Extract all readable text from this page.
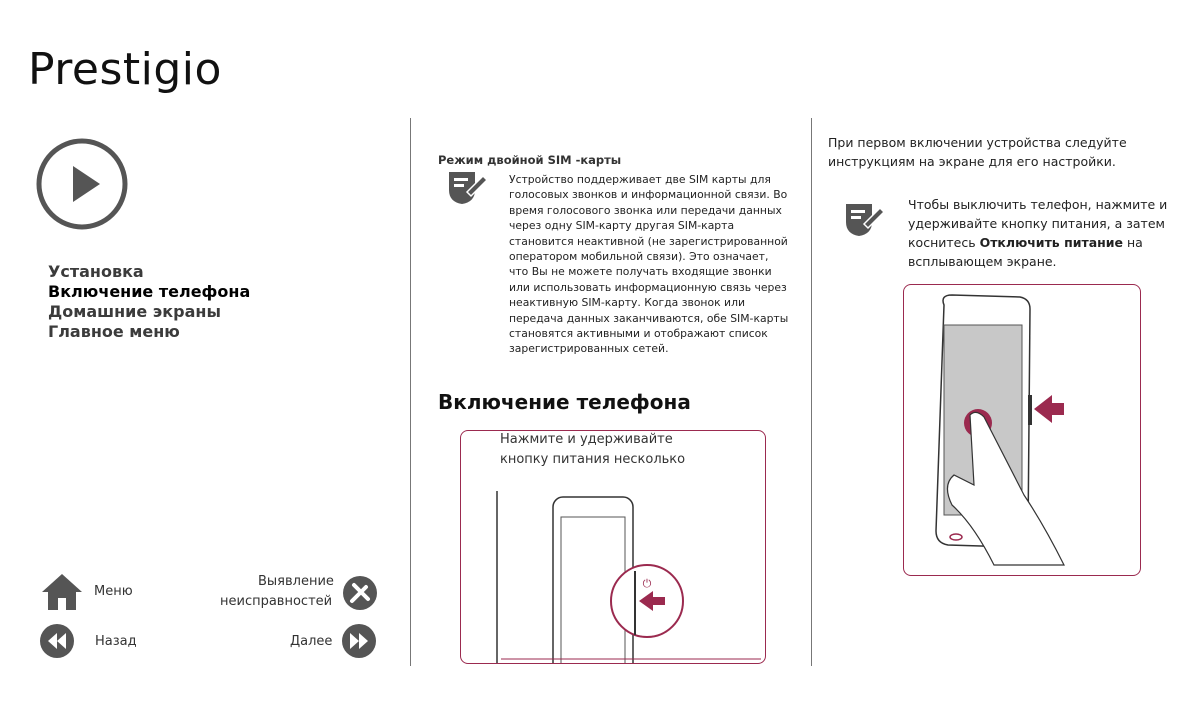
Prestigio
Установка
Включение телефона
Домашние экраны
Главное меню
Меню
Выявление
неисправностей
Назад	Далее
Режим двойной SIM -карты
Устройство поддерживает две SIM карты для голосовых звонков и информационной связи. Во время голосового звонка или передачи данных через одну SIM-карту другая SIM-карта становится неактивной (не зарегистрированной оператором мобильной связи). Это означает, что Вы не можете получать входящие звонки или использовать информационную связь через неактивную SIM-карту. Когда звонок или передача данных заканчиваются, обе SIM-карты становятся активными и отображают список зарегистрированных сетей.
Включение телефона
⏻
Нажмите и удерживайте
кнопку питания несколько
При первом включении устройства следуйте инструкциям на экране для его настройки.
Чтобы выключить телефон, нажмите и удерживайте кнопку питания, а затем коснитесь Отключить питание на всплывающем экране.
